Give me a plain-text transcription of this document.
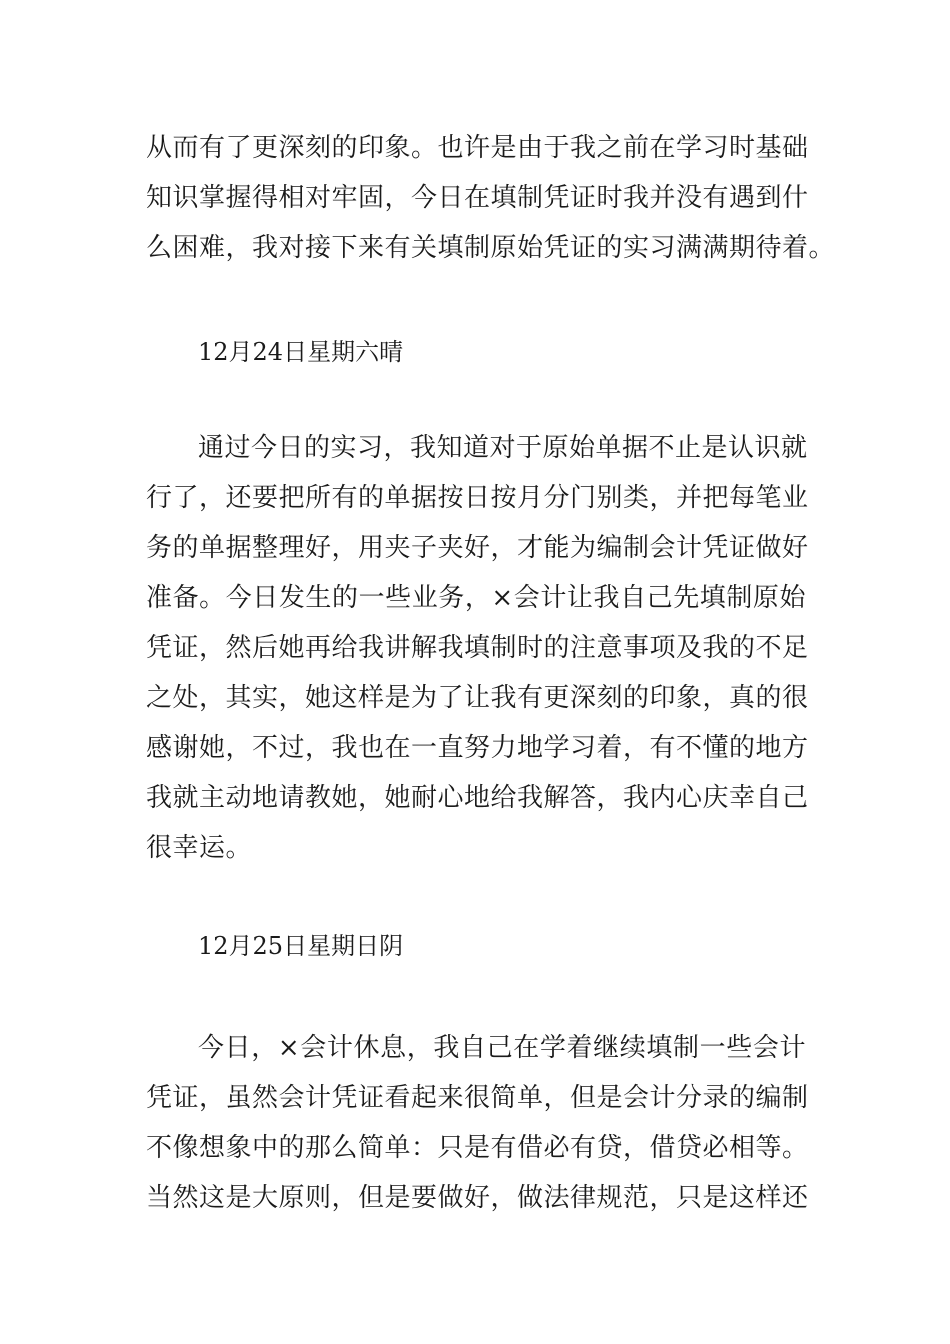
从而有了更深刻的印象。也许是由于我之前在学习时基础
知识掌握得相对牢固，今日在填制凭证时我并没有遇到什
么困难，我对接下来有关填制原始凭证的实习满满期待着。
12月24日星期六晴
通过今日的实习，我知道对于原始单据不止是认识就
行了，还要把所有的单据按日按月分门别类，并把每笔业
务的单据整理好，用夹子夹好，才能为编制会计凭证做好
准备。今日发生的一些业务，×会计让我自己先填制原始
凭证，然后她再给我讲解我填制时的注意事项及我的不足
之处，其实，她这样是为了让我有更深刻的印象，真的很
感谢她，不过，我也在一直努力地学习着，有不懂的地方
我就主动地请教她，她耐心地给我解答，我内心庆幸自己
很幸运。
12月25日星期日阴
今日，×会计休息，我自己在学着继续填制一些会计
凭证，虽然会计凭证看起来很简单，但是会计分录的编制
不像想象中的那么简单：只是有借必有贷，借贷必相等。
当然这是大原则，但是要做好，做法律规范，只是这样还
